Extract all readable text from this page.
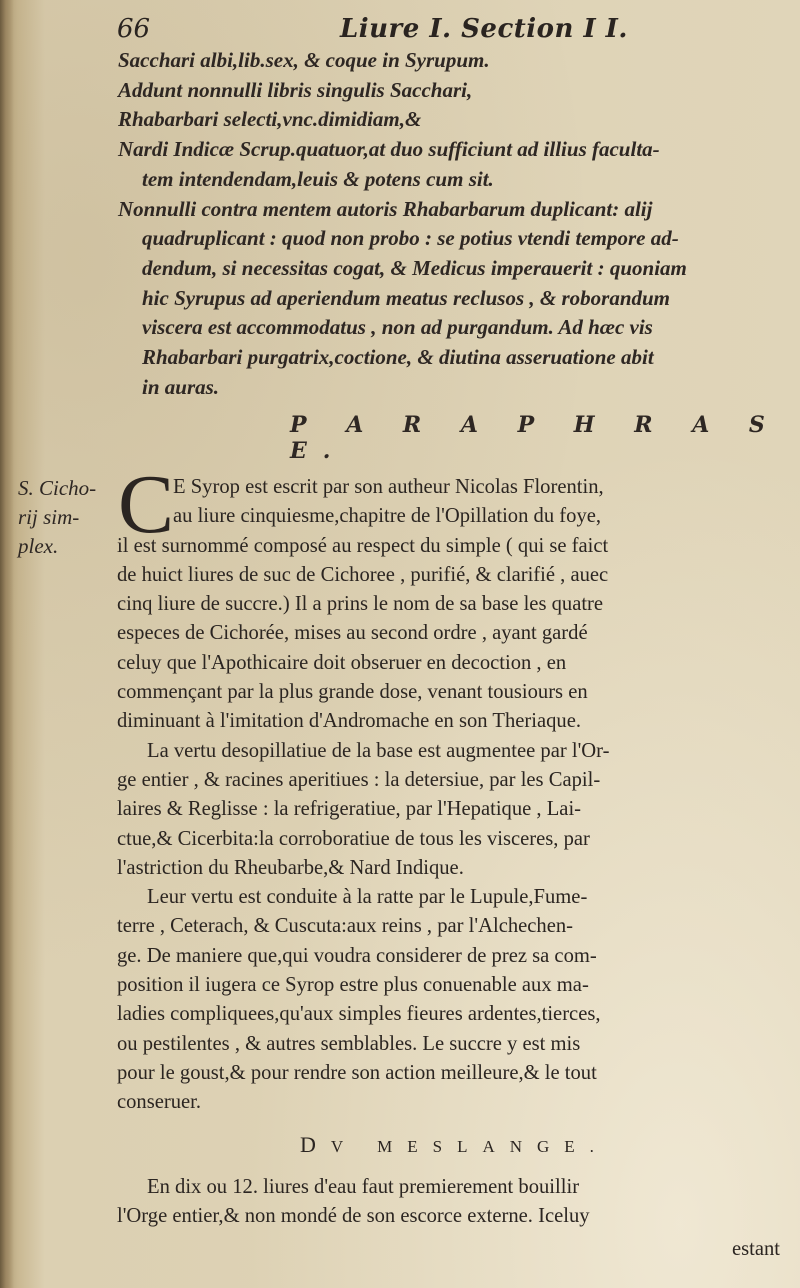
66	Liure I. Section I I.
Sacchari albi,lib.sex, & coque in Syrupum.
Addunt nonnulli libris singulis Sacchari,
Rhabarbari selecti,vnc.dimidiam,&
Nardi Indicæ Scrup.quatuor,at duo sufficiunt ad illius faculta-
tem intendendam,leuis & potens cum sit.
Nonnulli contra mentem autoris Rhabarbarum duplicant: alij
quadruplicant : quod non probo : se potius vtendi tempore ad-
dendum, si necessitas cogat, & Medicus imperauerit : quoniam
hic Syrupus ad aperiendum meatus reclusos , & roborandum
viscera est accommodatus , non ad purgandum. Ad hæc vis
Rhabarbari purgatrix,coctione, & diutina asseruatione abit
in auras.
P A R A P H R A S E.
S. Cicho-
rij sim-
plex. C
E Syrop est escrit par son autheur Nicolas Florentin,
au liure cinquiesme,chapitre de l'Opillation du foye,
il est surnommé composé au respect du simple ( qui se faict
de huict liures de suc de Cichoree , purifié, & clarifié , auec
cinq liure de succre.) Il a prins le nom de sa base les quatre
especes de Cichorée, mises au second ordre , ayant gardé
celuy que l'Apothicaire doit obseruer en decoction , en
commençant par la plus grande dose, venant tousiours en
diminuant à l'imitation d'Andromache en son Theriaque.
La vertu desopillatiue de la base est augmentee par l'Or-
ge entier , & racines aperitiues : la detersiue, par les Capil-
laires & Reglisse : la refrigeratiue, par l'Hepatique , Lai-
ctue,& Cicerbita:la corroboratiue de tous les visceres, par
l'astriction du Rheubarbe,& Nard Indique.
Leur vertu est conduite à la ratte par le Lupule,Fume-
terre , Ceterach, & Cuscuta:aux reins , par l'Alchechen-
ge. De maniere que,qui voudra considerer de prez sa com-
position il iugera ce Syrop estre plus conuenable aux ma-
ladies compliquees,qu'aux simples fieures ardentes,tierces,
ou pestilentes , & autres semblables. Le succre y est mis
pour le goust,& pour rendre son action meilleure,& le tout
conseruer.
DV MESLANGE.
En dix ou 12. liures d'eau faut premierement bouillir
l'Orge entier,& non mondé de son escorce externe. Iceluy
estant
